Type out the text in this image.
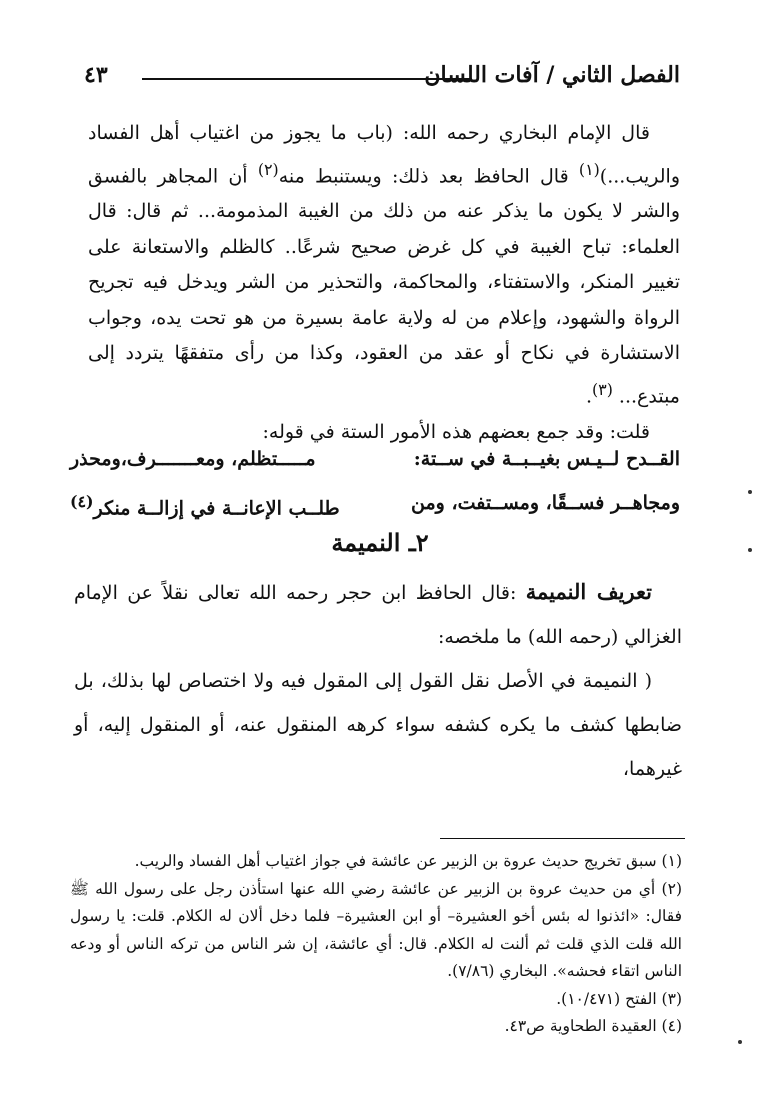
٤٣	الفصل الثاني / آفات اللسان

قال الإمام البخاري رحمه الله: (باب ما يجوز من اغتياب أهل الفساد والريب...)$^{(١)}$ قال الحافظ بعد ذلك: ويستنبط منه$^{(٢)}$ أن المجاهر بالفسق والشر لا يكون ما يذكر عنه من ذلك من الغيبة المذمومة... ثم قال: قال العلماء: تباح الغيبة في كل غرض صحيح شرعًا.. كالظلم والاستعانة على تغيير المنكر، والاستفتاء، والمحاكمة، والتحذير من الشر ويدخل فيه تجريح الرواة والشهود، وإعلام من له ولاية عامة بسيرة من هو تحت يده، وجواب الاستشارة في نكاح أو عقد من العقود، وكذا من رأى متفقهًا يتردد إلى مبتدع... $^{(٣)}$.

قلت: وقد جمع بعضهم هذه الأمور الستة في قوله:

القــدح لــيـس بغيــبــة في ســتة:
مـــــتظلم، ومعـــــــرف،ومحذر
ومجاهــر فســقًا، ومســتفت، ومن
طلــب الإعانــة في إزالــة منكر$^{(٤)}$
٢ـ النميمة

تعريف النميمة :قال الحافظ ابن حجر رحمه الله تعالى نقلاً عن الإمام الغزالي (رحمه الله) ما ملخصه:

( النميمة في الأصل نقل القول إلى المقول فيه ولا اختصاص لها بذلك، بل ضابطها كشف ما يكره كشفه سواء كرهه المنقول عنه، أو المنقول إليه، أو غيرهما،

(١) سبق تخريج حديث عروة بن الزبير عن عائشة في جواز اغتياب أهل الفساد والريب.

(٢) أي من حديث عروة بن الزبير عن عائشة رضي الله عنها استأذن رجل على رسول الله ﷺ فقال: «ائذنوا له بئس أخو العشيرة– أو ابن العشيرة– فلما دخل ألان له الكلام. قلت: يا رسول الله قلت الذي قلت ثم ألنت له الكلام. قال: أي عائشة، إن شر الناس من تركه الناس أو ودعه الناس اتقاء فحشه». البخاري (٧/٨٦).

(٣) الفتح (١٠/٤٧١).

(٤) العقيدة الطحاوية ص٤٣.
